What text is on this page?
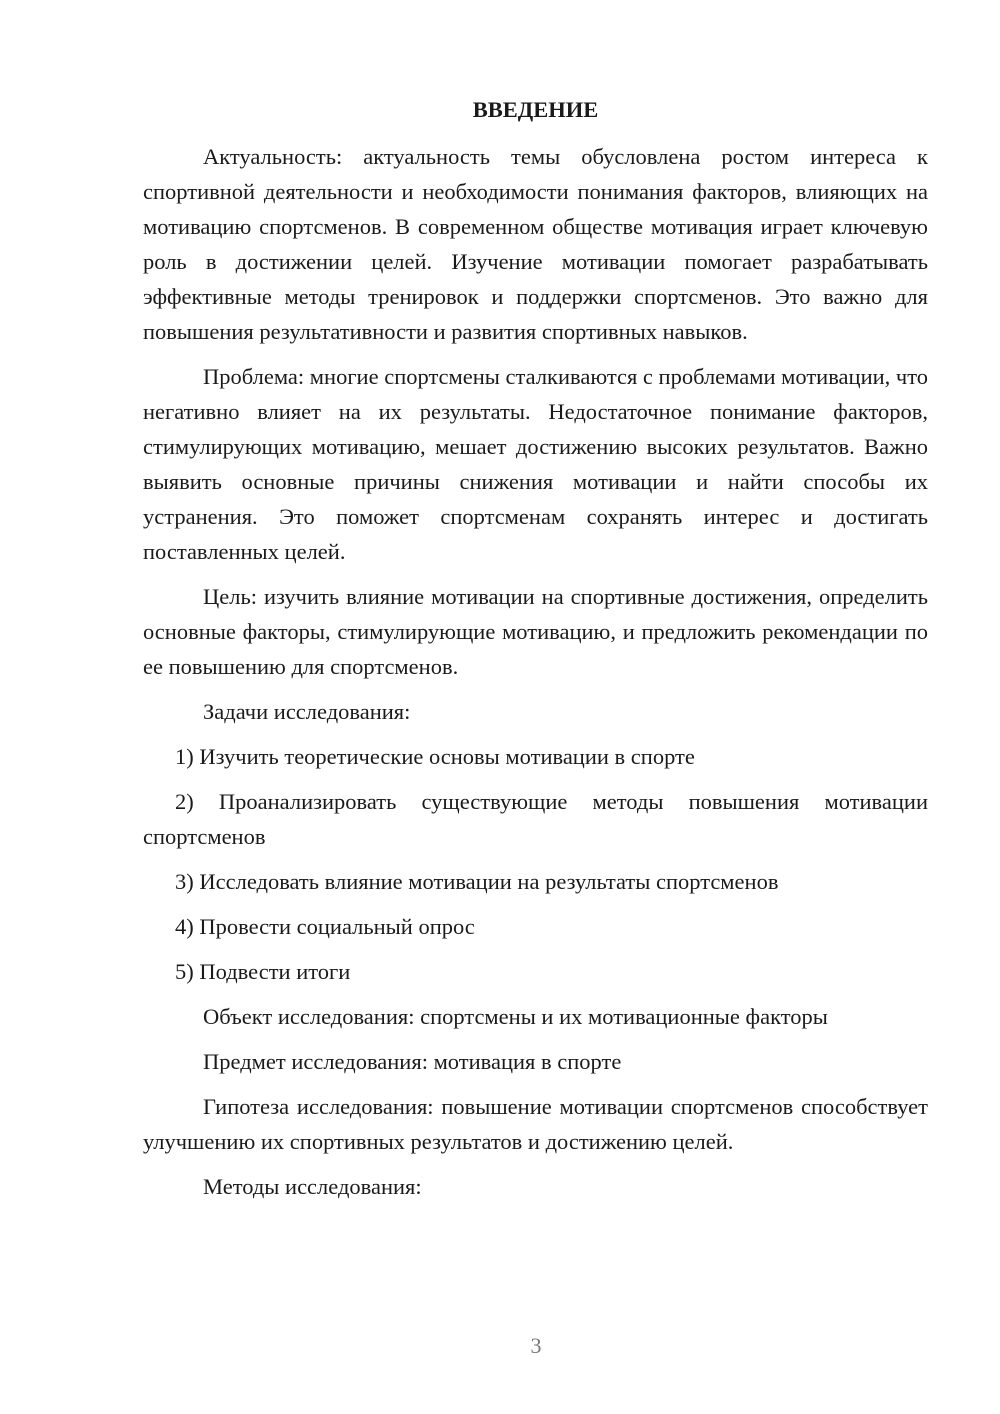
ВВЕДЕНИЕ

Актуальность: актуальность темы обусловлена ростом интереса к спортивной деятельности и необходимости понимания факторов, влияющих на мотивацию спортсменов. В современном обществе мотивация играет ключевую роль в достижении целей. Изучение мотивации помогает разрабатывать эффективные методы тренировок и поддержки спортсменов. Это важно для повышения результативности и развития спортивных навыков.

Проблема: многие спортсмены сталкиваются с проблемами мотивации, что негативно влияет на их результаты. Недостаточное понимание факторов, стимулирующих мотивацию, мешает достижению высоких результатов. Важно выявить основные причины снижения мотивации и найти способы их устранения. Это поможет спортсменам сохранять интерес и достигать поставленных целей.

Цель: изучить влияние мотивации на спортивные достижения, определить основные факторы, стимулирующие мотивацию, и предложить рекомендации по ее повышению для спортсменов.

Задачи исследования:

1) Изучить теоретические основы мотивации в спорте

2) Проанализировать существующие методы повышения мотивации спортсменов

3) Исследовать влияние мотивации на результаты спортсменов

4) Провести социальный опрос

5) Подвести итоги

Объект исследования: спортсмены и их мотивационные факторы

Предмет исследования: мотивация в спорте

Гипотеза исследования: повышение мотивации спортсменов способствует улучшению их спортивных результатов и достижению целей.

Методы исследования:

3
